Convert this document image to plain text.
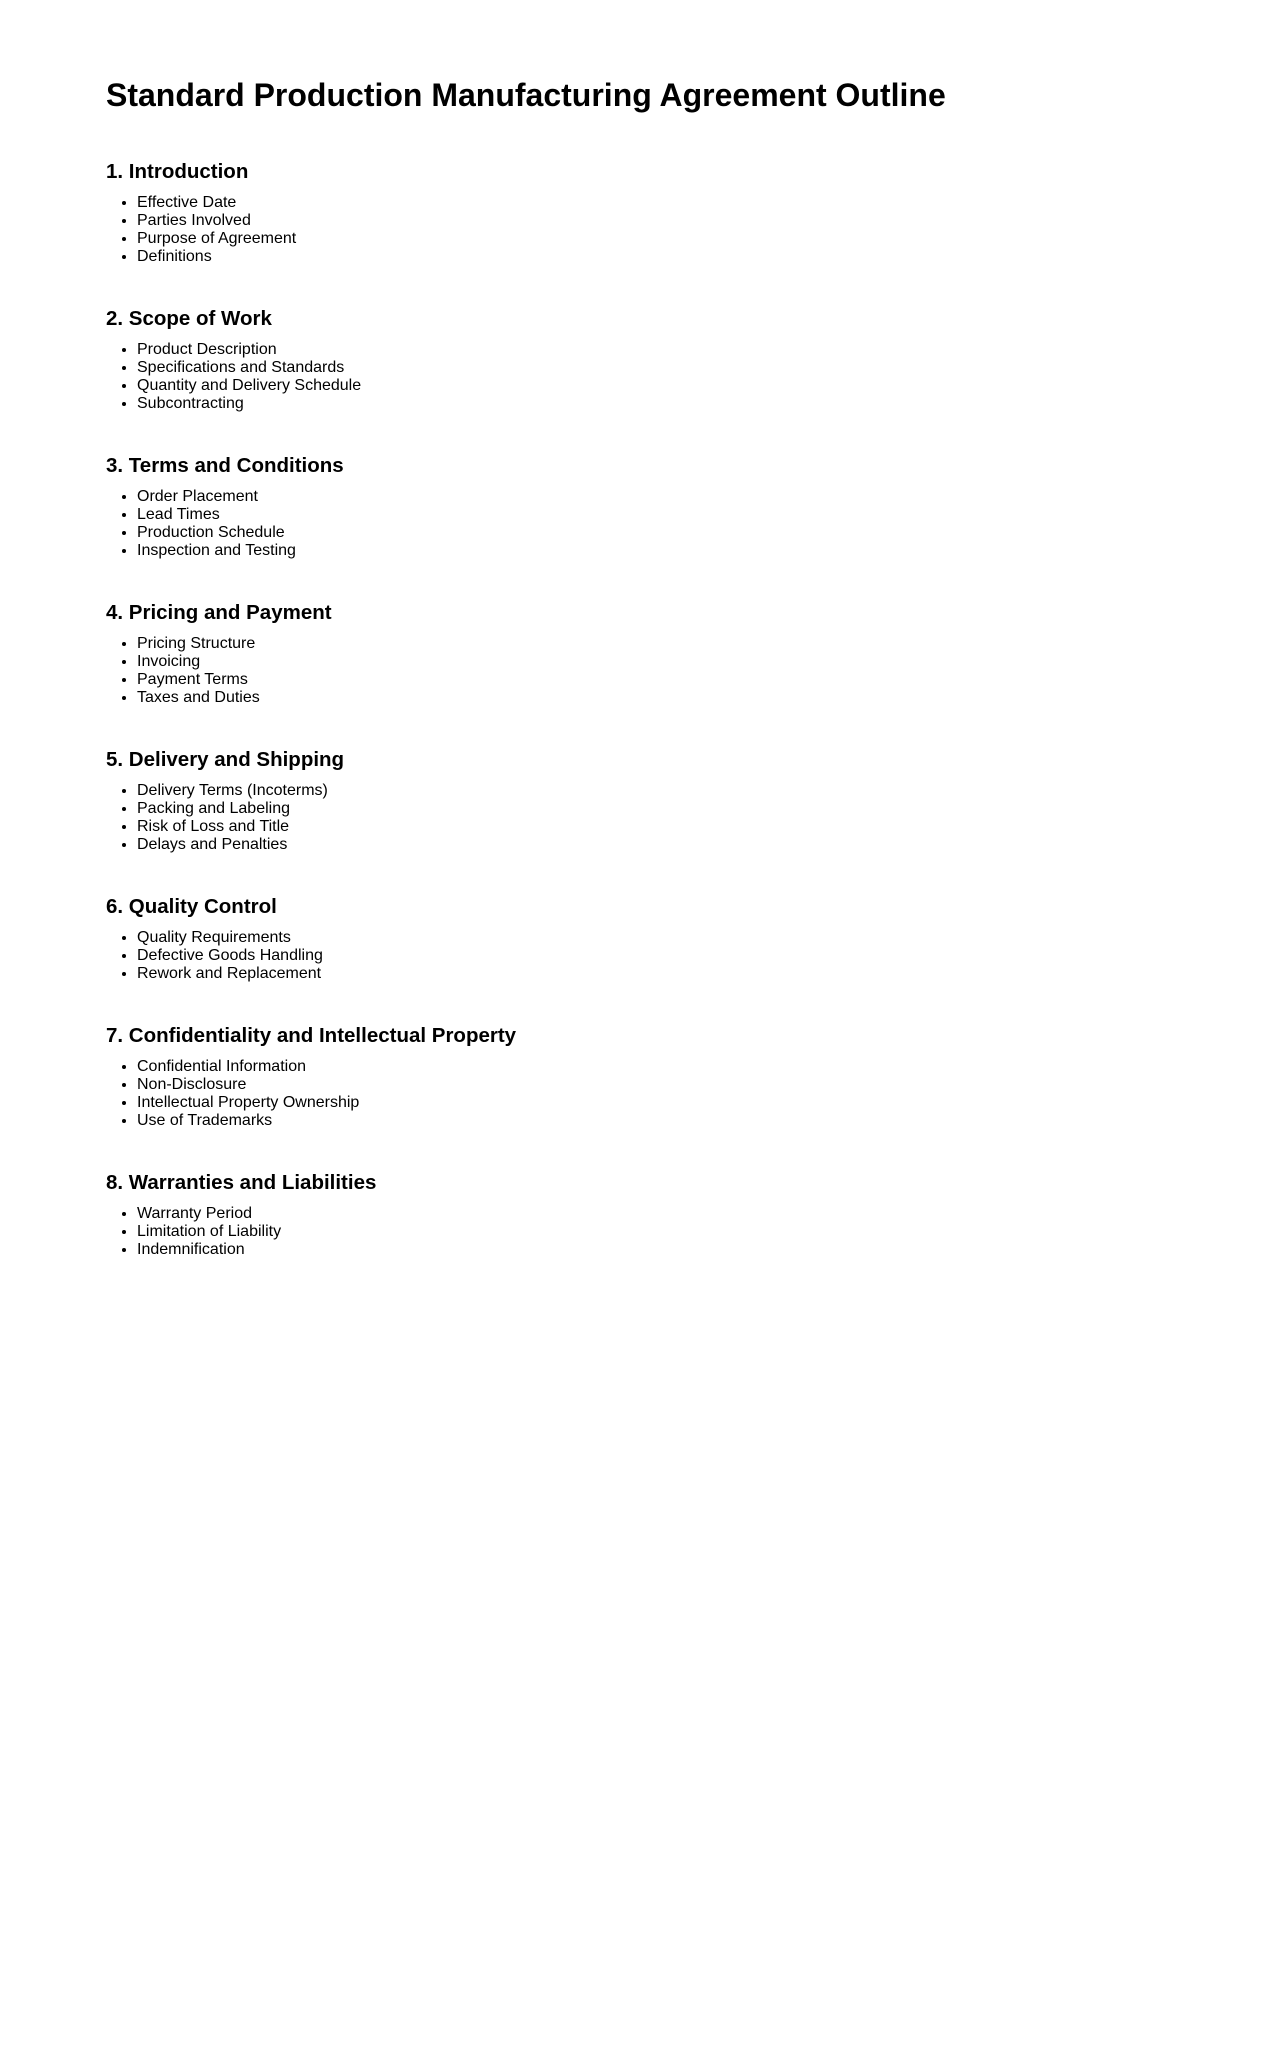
Standard Production Manufacturing Agreement Outline
1. Introduction
• Effective Date
• Parties Involved
• Purpose of Agreement
• Definitions
2. Scope of Work
• Product Description
• Specifications and Standards
• Quantity and Delivery Schedule
• Subcontracting
3. Terms and Conditions
• Order Placement
• Lead Times
• Production Schedule
• Inspection and Testing
4. Pricing and Payment
• Pricing Structure
• Invoicing
• Payment Terms
• Taxes and Duties
5. Delivery and Shipping
• Delivery Terms (Incoterms)
• Packing and Labeling
• Risk of Loss and Title
• Delays and Penalties
6. Quality Control
• Quality Requirements
• Defective Goods Handling
• Rework and Replacement
7. Confidentiality and Intellectual Property
• Confidential Information
• Non-Disclosure
• Intellectual Property Ownership
• Use of Trademarks
8. Warranties and Liabilities
• Warranty Period
• Limitation of Liability
• Indemnification
